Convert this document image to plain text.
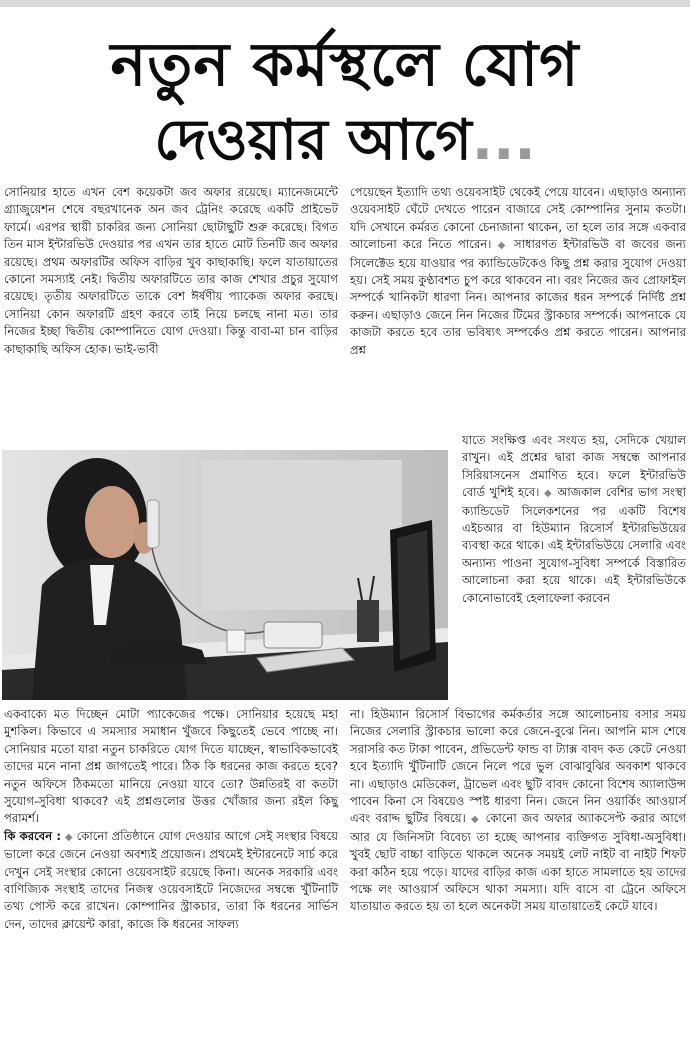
নতুন কর্মস্থলে যোগ
দেওয়ার আগে...

সোনিয়ার হাতে এখন বেশ কয়েকটা জব অফার রয়েছে। ম্যানেজমেন্টে গ্র্যাজুয়েশন শেষে বছরখানেক অন জব ট্রেনিং করেছে একটি প্রাইভেট ফার্মে। এরপর স্থায়ী চাকরির জন্য সোনিয়া ছোটাছুটি শুরু করেছে। বিগত তিন মাস ইন্টারভিউ দেওয়ার পর এখন তার হাতে মোট তিনটি জব অফার রয়েছে। প্রথম অফারটির অফিস বাড়ির খুব কাছাকাছি। ফলে যাতায়াতের কোনো সমস্যাই নেই। দ্বিতীয় অফারটিতে তার কাজ শেখার প্রচুর সুযোগ রয়েছে। তৃতীয় অফারটিতে তাকে বেশ ঈর্ষণীয় প্যাকেজ অফার করছে। সোনিয়া কোন অফারটি গ্রহণ করবে তাই নিয়ে চলছে নানা মত। তার নিজের ইচ্ছা দ্বিতীয় কোম্পানিতে যোগ দেওয়া। কিন্তু বাবা-মা চান বাড়ির কাছাকাছি অফিস হোক। ভাই-ভাবী

পেয়েছেন ইত্যাদি তথ্য ওয়েবসাইট থেকেই পেয়ে যাবেন। এছাড়াও অন্যান্য ওয়েবসাইট ঘেঁটে দেখতে পারেন বাজারে সেই কোম্পানির সুনাম কতটা। যদি সেখানে কর্মরত কোনো চেনাজানা থাকেন, তা হলে তার সঙ্গে একবার আলোচনা করে নিতে পারেন। ◆ সাধারণত ইন্টারভিউ বা জবের জন্য সিলেক্টেড হয়ে যাওয়ার পর ক্যান্ডিডেটকেও কিছু প্রশ্ন করার সুযোগ দেওয়া হয়। সেই সময় কুণ্ঠাবশত চুপ করে থাকবেন না। বরং নিজের জব প্রোফাইল সম্পর্কে খানিকটা ধারণা নিন। আপনার কাজের ধরন সম্পর্কে নির্দিষ্ট প্রশ্ন করুন। এছাড়াও জেনে নিন নিজের টিমের স্ট্রাকচার সম্পর্কে। আপনাকে যে কাজটা করতে হবে তার ভবিষ্যৎ সম্পর্কেও প্রশ্ন করতে পারেন। আপনার প্রশ্ন

যাতে সংক্ষিপ্ত এবং সংযত হয়, সেদিকে খেয়াল রাখুন। এই প্রশ্নের দ্বারা কাজ সম্বন্ধে আপনার সিরিয়াসনেস প্রমাণিত হবে। ফলে ইন্টারভিউ বোর্ড খুশিই হবে। ◆ আজকাল বেশির ভাগ সংস্থা ক্যান্ডিডেট সিলেকশনের পর একটি বিশেষ এইচআর বা হিউম্যান রিসোর্স ইন্টারভিউয়ের ব্যবস্থা করে থাকে। এই ইন্টারভিউয়ে সেলারি এবং অন্যান্য পাওনা সুযোগ-সুবিধা সম্পর্কে বিস্তারিত আলোচনা করা হয়ে থাকে। এই ইন্টারভিউকে কোনোভাবেই হেলাফেলা করবেন

একবাক্যে মত দিচ্ছেন মোটা প্যাকেজের পক্ষে। সোনিয়ার হয়েছে মহা মুশকিল। কিভাবে এ সমস্যার সমাধান খুঁজবে কিছুতেই ভেবে পাচ্ছে না। সোনিয়ার মতো যারা নতুন চাকরিতে যোগ দিতে যাচ্ছেন, স্বাভাবিকভাবেই তাদের মনে নানা প্রশ্ন জাগতেই পারে। ঠিক কি ধরনের কাজ করতে হবে? নতুন অফিসে ঠিকমতো মানিয়ে নেওয়া যাবে তো? উন্নতিরই বা কতটা সুযোগ-সুবিধা থাকবে? এই প্রশ্নগুলোর উত্তর খোঁজার জন্য রইল কিছু পরামর্শ।

কি করবেন : ◆ কোনো প্রতিষ্ঠানে যোগ দেওয়ার আগে সেই সংস্থার বিষয়ে ভালো করে জেনে নেওয়া অবশ্যই প্রয়োজন। প্রথমেই ইন্টারনেটে সার্চ করে দেখুন সেই সংস্থার কোনো ওয়েবসাইট রয়েছে কিনা। অনেক সরকারি এবং বাণিজ্যিক সংস্থাই তাদের নিজস্ব ওয়েবসাইটে নিজেদের সম্বন্ধে খুঁটিনাটি তথ্য পোস্ট করে রাখেন। কোম্পানির স্ট্রাকচার, তারা কি ধরনের সার্ভিস দেন, তাদের ক্লায়েন্ট কারা, কাজে কি ধরনের সাফল্য

না। হিউম্যান রিসোর্স বিভাগের কর্মকর্তার সঙ্গে আলোচনায় বসার সময় নিজের সেলারি স্ট্রাকচার ভালো করে জেনে-বুঝে নিন। আপনি মাস শেষে সরাসরি কত টাকা পাবেন, প্রভিডেন্ট ফান্ড বা ট্যাক্স বাবদ কত কেটে নেওয়া হবে ইত্যাদি খুঁটিনাটি জেনে নিলে পরে ভুল বোঝাবুঝির অবকাশ থাকবে না। এছাড়াও মেডিকেল, ট্রাভেল এবং ছুটি বাবদ কোনো বিশেষ অ্যালাউন্স পাবেন কিনা সে বিষয়েও স্পষ্ট ধারণা নিন। জেনে নিন ওয়ার্কিং আওয়ার্স এবং বরাদ্দ ছুটির বিষয়ে। ◆ কোনো জব অফার অ্যাকসেপ্ট করার আগে আর যে জিনিসটা বিবেচ্য তা হচ্ছে আপনার ব্যক্তিগত সুবিধা-অসুবিধা। খুবই ছোট বাচ্চা বাড়িতে থাকলে অনেক সময়ই লেট নাইট বা নাইট শিফট করা কঠিন হয়ে পড়ে। যাদের বাড়ির কাজ একা হাতে সামলাতে হয় তাদের পক্ষে লং আওয়ার্স অফিসে থাকা সমস্যা। যদি বাসে বা ট্রেনে অফিসে যাতায়াত করতে হয় তা হলে অনেকটা সময় যাতায়াতেই কেটে যাবে।
